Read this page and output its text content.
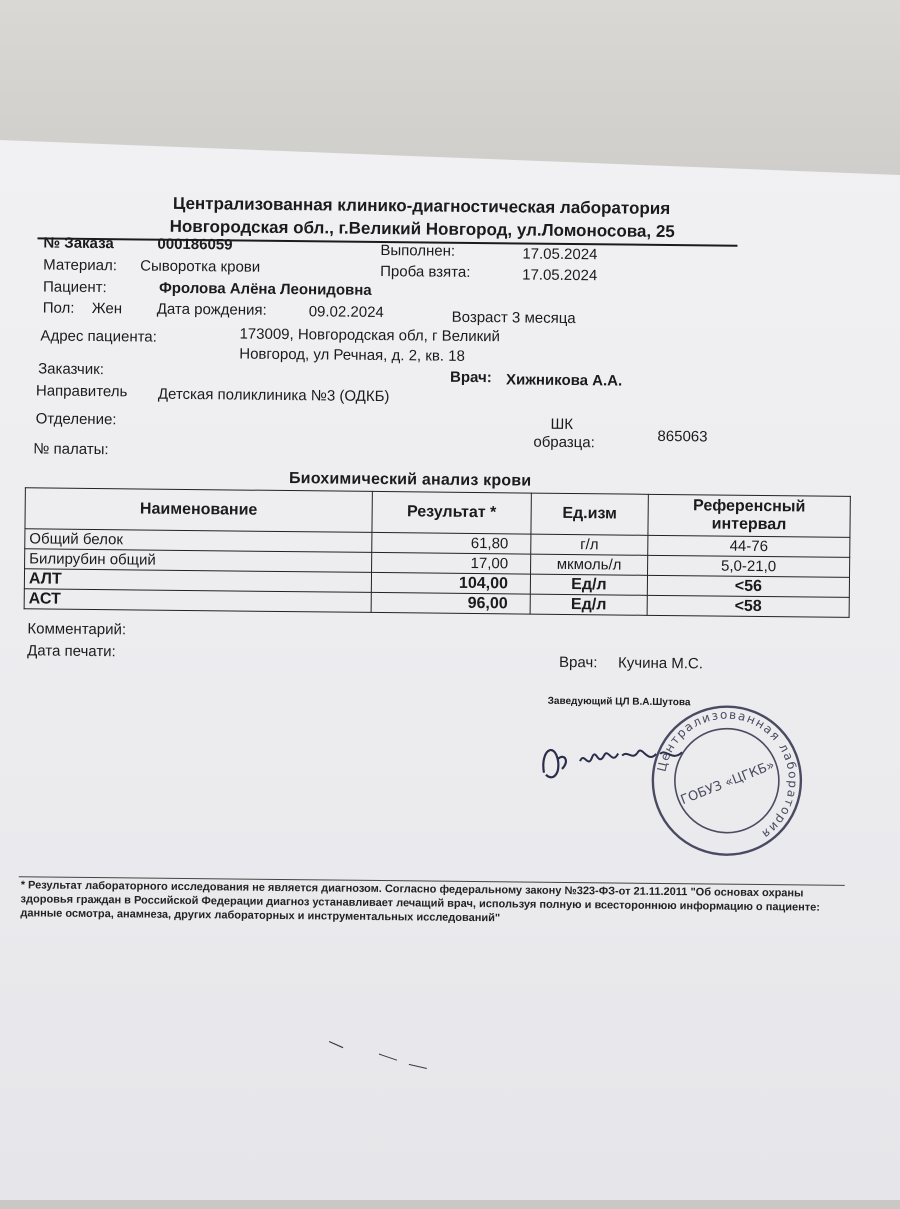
Централизованная клинико-диагностическая лаборатория
Новгородская обл., г.Великий Новгород, ул.Ломоносова, 25
№ Заказа	000186059	Выполнен:	17.05.2024
Материал: Сыворотка крови	Проба взята:	17.05.2024
Пациент:	Фролова Алёна Леонидовна
Пол: Жен Дата рождения:	09.02.2024	Возраст 3 месяца
Адрес пациента:	173009, Новгородская обл, г Великий
Новгород, ул Речная, д. 2, кв. 18
Заказчик:	Врач: Хижникова А.А.
Направитель Детская поликлиника №3 (ОДКБ)
Отделение:	ШК
образца:	865063
№ палаты:
Биохимический анализ крови
Наименование	Результат *	Ед.изм	Референсный интервал
Общий белок	61,80	г/л	44-76
Билирубин общий	17,00	мкмоль/л	5,0-21,0
АЛТ	104,00	Ед/л	<56
АСТ	96,00	Ед/л	<58
Комментарий:
Дата печати:
Врач: Кучина М.С.
Заведующий ЦЛ В.А.Шутова
Централизованная лаборатория
ГОБУЗ «ЦГКБ»
* Результат лабораторного исследования не является диагнозом. Согласно федеральному закону №323-ФЗ-от 21.11.2011 "Об основах охраны здоровья граждан в Российской Федерации диагноз устанавливает лечащий врач, используя полную и всестороннюю информацию о пациенте: данные осмотра, анамнеза, других лабораторных и инструментальных исследований"
